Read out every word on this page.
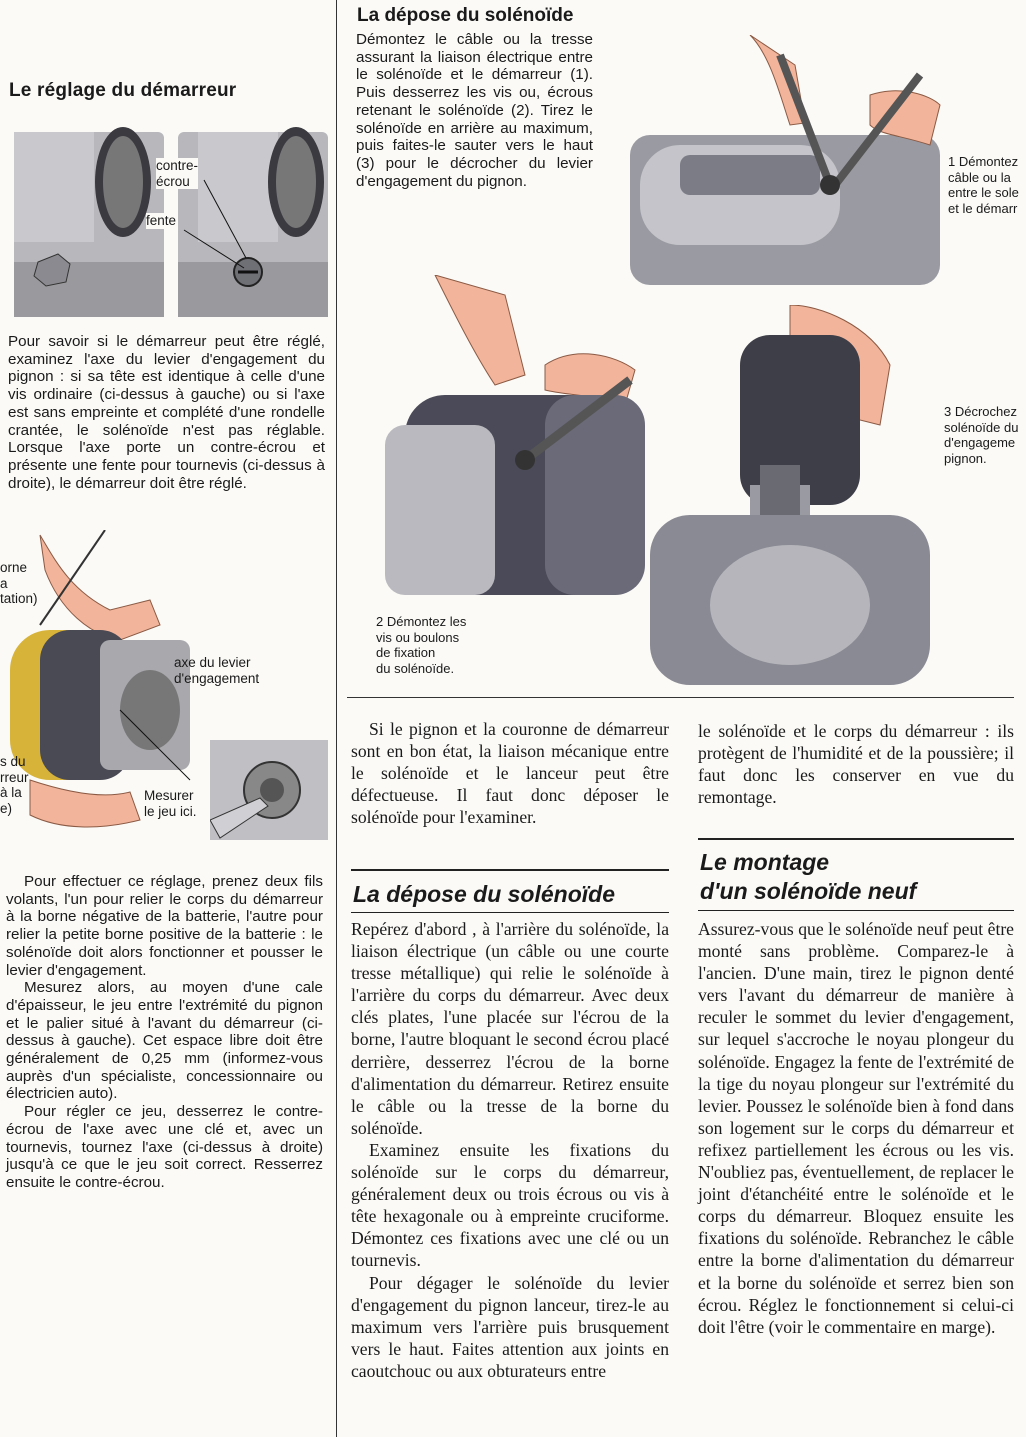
Le réglage du démarreur
contre-
écrou
fente
Pour savoir si le démarreur peut être réglé, examinez l'axe du levier d'engagement du pignon : si sa tête est identique à celle d'une vis ordinaire (ci-dessus à gauche) ou si l'axe est sans empreinte et complété d'une rondelle crantée, le solénoïde n'est pas réglable. Lorsque l'axe porte un contre-écrou et présente une fente pour tournevis (ci-dessus à droite), le démarreur doit être réglé.
orne
a
tation)
axe du levier
d'engagement
s du
rreur
à la
e)
Mesurer
le jeu ici.
Pour effectuer ce réglage, prenez deux fils volants, l'un pour relier le corps du démarreur à la borne négative de la batterie, l'autre pour relier la petite borne positive de la batterie : le solénoïde doit alors fonctionner et pousser le levier d'engagement.
Mesurez alors, au moyen d'une cale d'épaisseur, le jeu entre l'extrémité du pignon et le palier situé à l'avant du démarreur (ci-dessus à gauche). Cet espace libre doit être généralement de 0,25 mm (informez-vous auprès d'un spécialiste, concessionnaire ou électricien auto).
Pour régler ce jeu, desserrez le contre-écrou de l'axe avec une clé et, avec un tournevis, tournez l'axe (ci-dessus à droite) jusqu'à ce que le jeu soit correct. Resserrez ensuite le contre-écrou.
La dépose du solénoïde
Démontez le câble ou la tresse assurant la liaison électrique entre le solénoïde et le démarreur (1). Puis desserrez les vis ou, écrous retenant le solénoïde (2). Tirez le solénoïde en arrière au maximum, puis faites-le sauter vers le haut (3) pour le décrocher du levier d'engagement du pignon.
1 Démontez
câble ou la
entre le sole
et le démarr
2 Démontez les
vis ou boulons
de fixation
du solénoïde.
3 Décrochez
solénoïde du
d'engageme
pignon.
Si le pignon et la couronne de démarreur sont en bon état, la liaison mécanique entre le solénoïde et le lanceur peut être défectueuse. Il faut donc déposer le solénoïde pour l'examiner.
La dépose du solénoïde
Repérez d'abord , à l'arrière du solénoïde, la liaison électrique (un câble ou une courte tresse métallique) qui relie le solénoïde à l'arrière du corps du démarreur. Avec deux clés plates, l'une placée sur l'écrou de la borne, l'autre bloquant le second écrou placé derrière, desserrez l'écrou de la borne d'alimentation du démarreur. Retirez ensuite le câble ou la tresse de la borne du solénoïde.
Examinez ensuite les fixations du solénoïde sur le corps du démarreur, généralement deux ou trois écrous ou vis à tête hexagonale ou à empreinte cruciforme. Démontez ces fixations avec une clé ou un tournevis.
Pour dégager le solénoïde du levier d'engagement du pignon lanceur, tirez-le au maximum vers l'arrière puis brusquement vers le haut. Faites attention aux joints en caoutchouc ou aux obturateurs entre
le solénoïde et le corps du démarreur : ils protègent de l'humidité et de la poussière; il faut donc les conserver en vue du remontage.
Le montage
d'un solénoïde neuf
Assurez-vous que le solénoïde neuf peut être monté sans problème. Comparez-le à l'ancien. D'une main, tirez le pignon denté vers l'avant du démarreur de manière à reculer le sommet du levier d'engagement, sur lequel s'accroche le noyau plongeur du solénoïde. Engagez la fente de l'extrémité de la tige du noyau plongeur sur l'extrémité du levier. Poussez le solénoïde bien à fond dans son logement sur le corps du démarreur et refixez partiellement les écrous ou les vis. N'oubliez pas, éventuellement, de replacer le joint d'étanchéité entre le solénoïde et le corps du démarreur. Bloquez ensuite les fixations du solénoïde. Rebranchez le câble entre la borne d'alimentation du démarreur et la borne du solénoïde et serrez bien son écrou. Réglez le fonctionnement si celui-ci doit l'être (voir le commentaire en marge).
